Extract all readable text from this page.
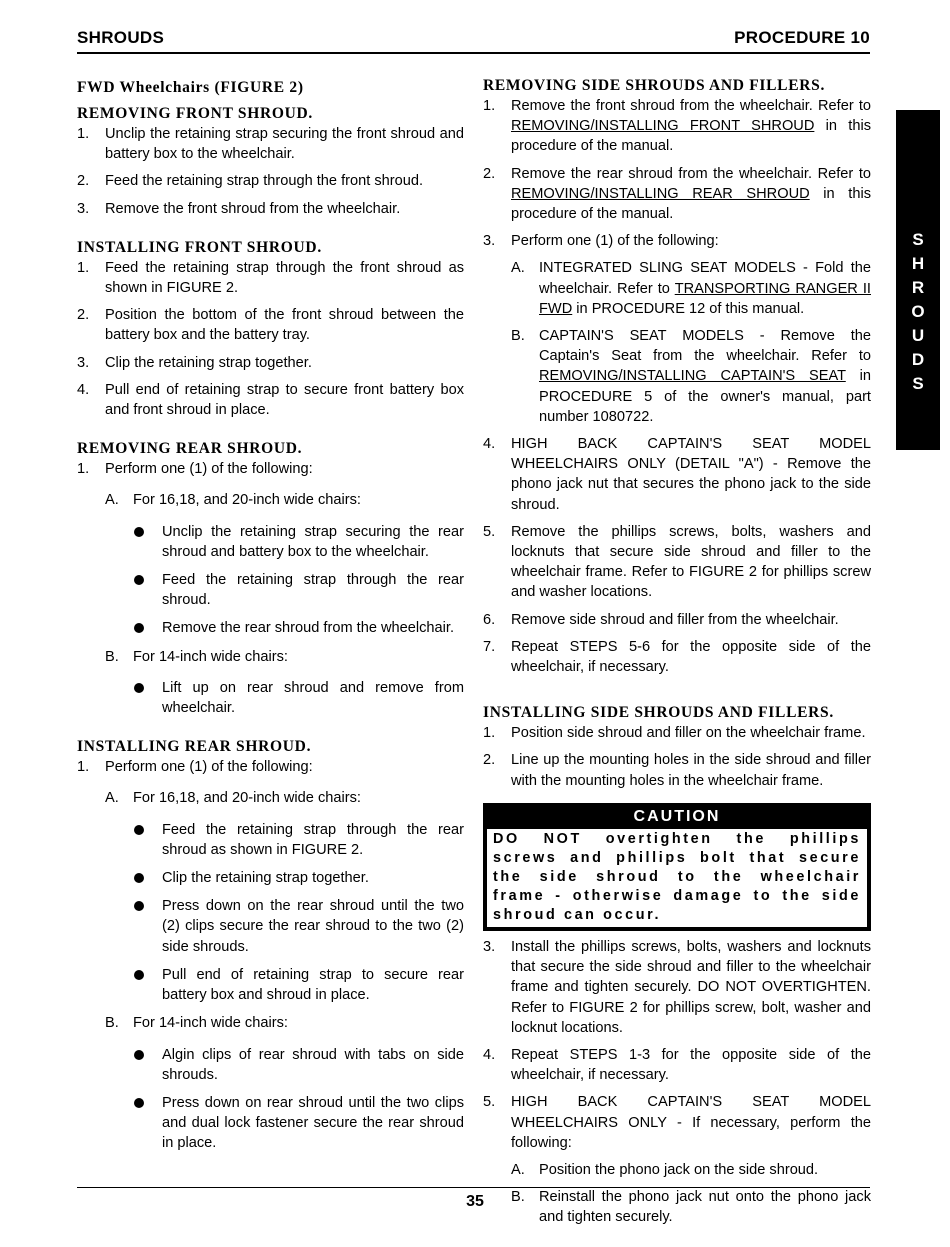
SHROUDS	PROCEDURE 10
S
H
R
O
U
D
S
FWD Wheelchairs (FIGURE 2)
REMOVING FRONT SHROUD.
1. Unclip the retaining strap securing the front shroud and battery box to the wheelchair.
2. Feed the retaining strap through the front shroud.
3. Remove the front shroud from the wheelchair.
INSTALLING FRONT SHROUD.
1. Feed the retaining strap through the front shroud as shown in FIGURE 2.
2. Position the bottom of the front shroud between the battery box and the battery tray.
3. Clip the retaining strap together.
4. Pull end of retaining strap to secure front battery box and front shroud in place.
REMOVING REAR SHROUD.
1. Perform one (1) of the following:
A. For 16,18, and 20-inch wide chairs:
Unclip the retaining strap securing the rear shroud and battery box to the wheelchair.
Feed the retaining strap through the rear shroud.
Remove the rear shroud from the wheelchair.
B. For 14-inch wide chairs:
Lift up on rear shroud and remove from wheelchair.
INSTALLING REAR SHROUD.
1. Perform one (1) of the following:
A. For 16,18, and 20-inch wide chairs:
Feed the retaining strap through the rear shroud as shown in FIGURE 2.
Clip the retaining strap together.
Press down on the rear shroud until the two (2) clips secure the rear shroud to the two (2) side shrouds.
Pull end of retaining strap to secure rear battery box and shroud in place.
B. For 14-inch wide chairs:
Algin clips of rear shroud with tabs on side shrouds.
Press down on rear shroud until the two clips and dual lock fastener secure the rear shroud in place.
REMOVING SIDE SHROUDS AND FILLERS.
1. Remove the front shroud from the wheelchair. Refer to REMOVING/INSTALLING FRONT SHROUD in this procedure of the manual.
2. Remove the rear shroud from the wheelchair. Refer to REMOVING/INSTALLING REAR SHROUD in this procedure of the manual.
3. Perform one (1) of the following:
A. INTEGRATED SLING SEAT MODELS - Fold the wheelchair. Refer to TRANSPORTING RANGER II FWD in PROCEDURE 12 of this manual.
B. CAPTAIN'S SEAT MODELS - Remove the Captain's Seat from the wheelchair. Refer to REMOVING/INSTALLING CAPTAIN'S SEAT in PROCEDURE 5 of the owner's manual, part number 1080722.
4. HIGH BACK CAPTAIN'S SEAT MODEL WHEELCHAIRS ONLY (DETAIL "A") - Remove the phono jack nut that secures the phono jack to the side shroud.
5. Remove the phillips screws, bolts, washers and locknuts that secure side shroud and filler to the wheelchair frame. Refer to FIGURE 2 for phillips screw and washer locations.
6. Remove side shroud and filler from the wheelchair.
7. Repeat STEPS 5-6 for the opposite side of the wheelchair, if necessary.
INSTALLING SIDE SHROUDS AND FILLERS.
1. Position side shroud and filler on the wheelchair frame.
2. Line up the mounting holes in the side shroud and filler with the mounting holes in the wheelchair frame.
CAUTION
DO NOT overtighten the phillips screws and phillips bolt that secure the side shroud to the wheelchair frame - otherwise damage to the side shroud can occur.
3. Install the phillips screws, bolts, washers and locknuts that secure the side shroud and filler to the wheelchair frame and tighten securely. DO NOT OVERTIGHTEN. Refer to FIGURE 2 for phillips screw, bolt, washer and locknut locations.
4. Repeat STEPS 1-3 for the opposite side of the wheelchair, if necessary.
5. HIGH BACK CAPTAIN'S SEAT MODEL WHEELCHAIRS ONLY - If necessary, perform the following:
A. Position the phono jack on the side shroud.
B. Reinstall the phono jack nut onto the phono jack and tighten securely.
35
